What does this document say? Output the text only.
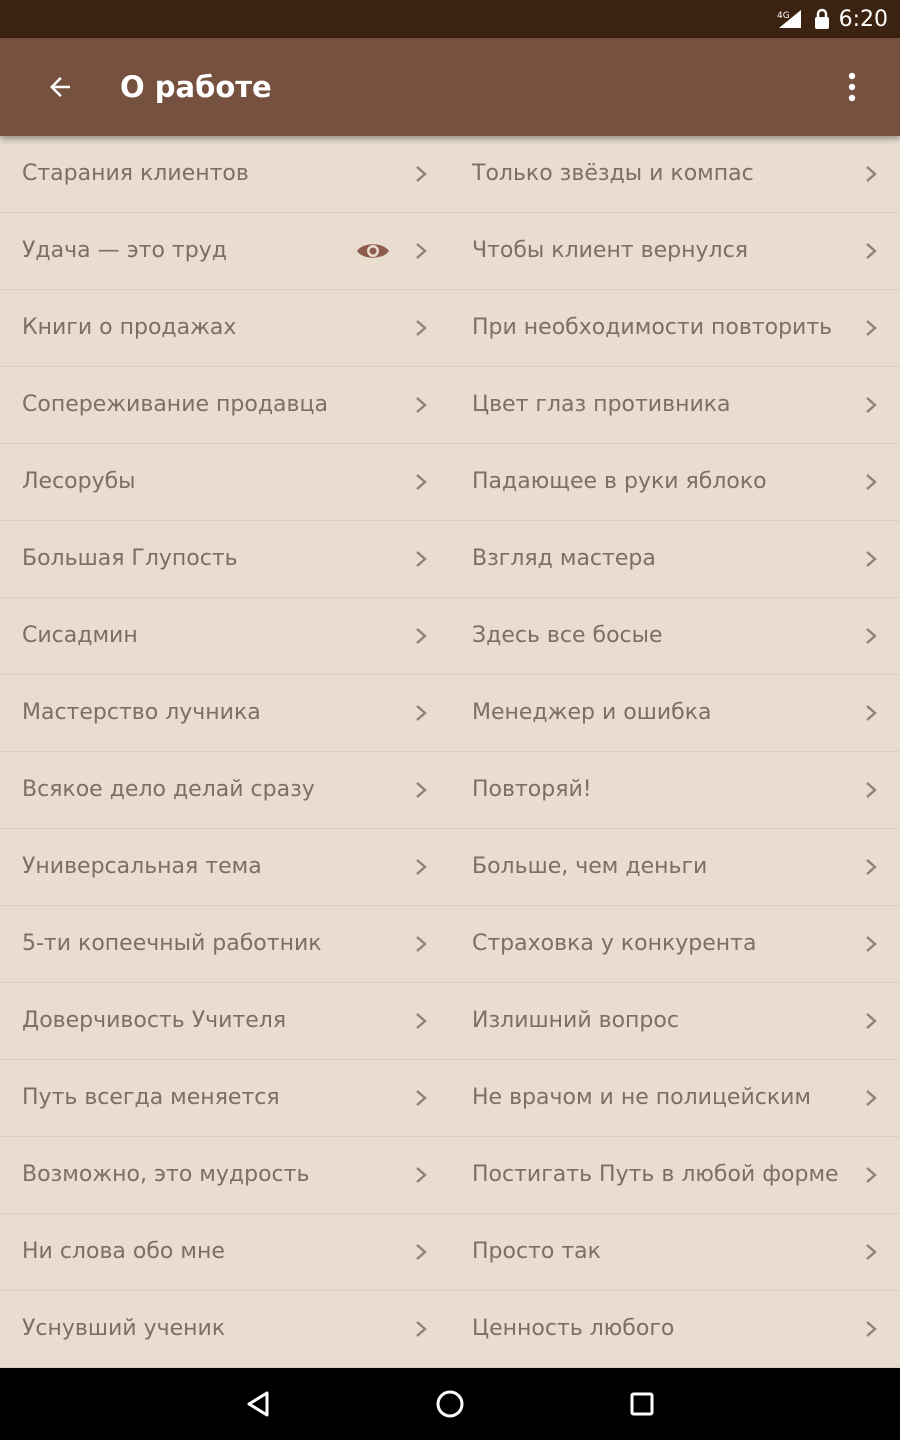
4G 6:20
О работе
Старания клиентов	Только звёзды и компас
Удача — это труд	Чтобы клиент вернулся
Книги о продажах	При необходимости повторить
Сопереживание продавца	Цвет глаз противника
Лесорубы	Падающее в руки яблоко
Большая Глупость	Взгляд мастера
Сисадмин	Здесь все босые
Мастерство лучника	Менеджер и ошибка
Всякое дело делай сразу	Повторяй!
Универсальная тема	Больше, чем деньги
5-ти копеечный работник	Страховка у конкурента
Доверчивость Учителя	Излишний вопрос
Путь всегда меняется	Не врачом и не полицейским
Возможно, это мудрость	Постигать Путь в любой форме
Ни слова обо мне	Просто так
Уснувший ученик	Ценность любого
